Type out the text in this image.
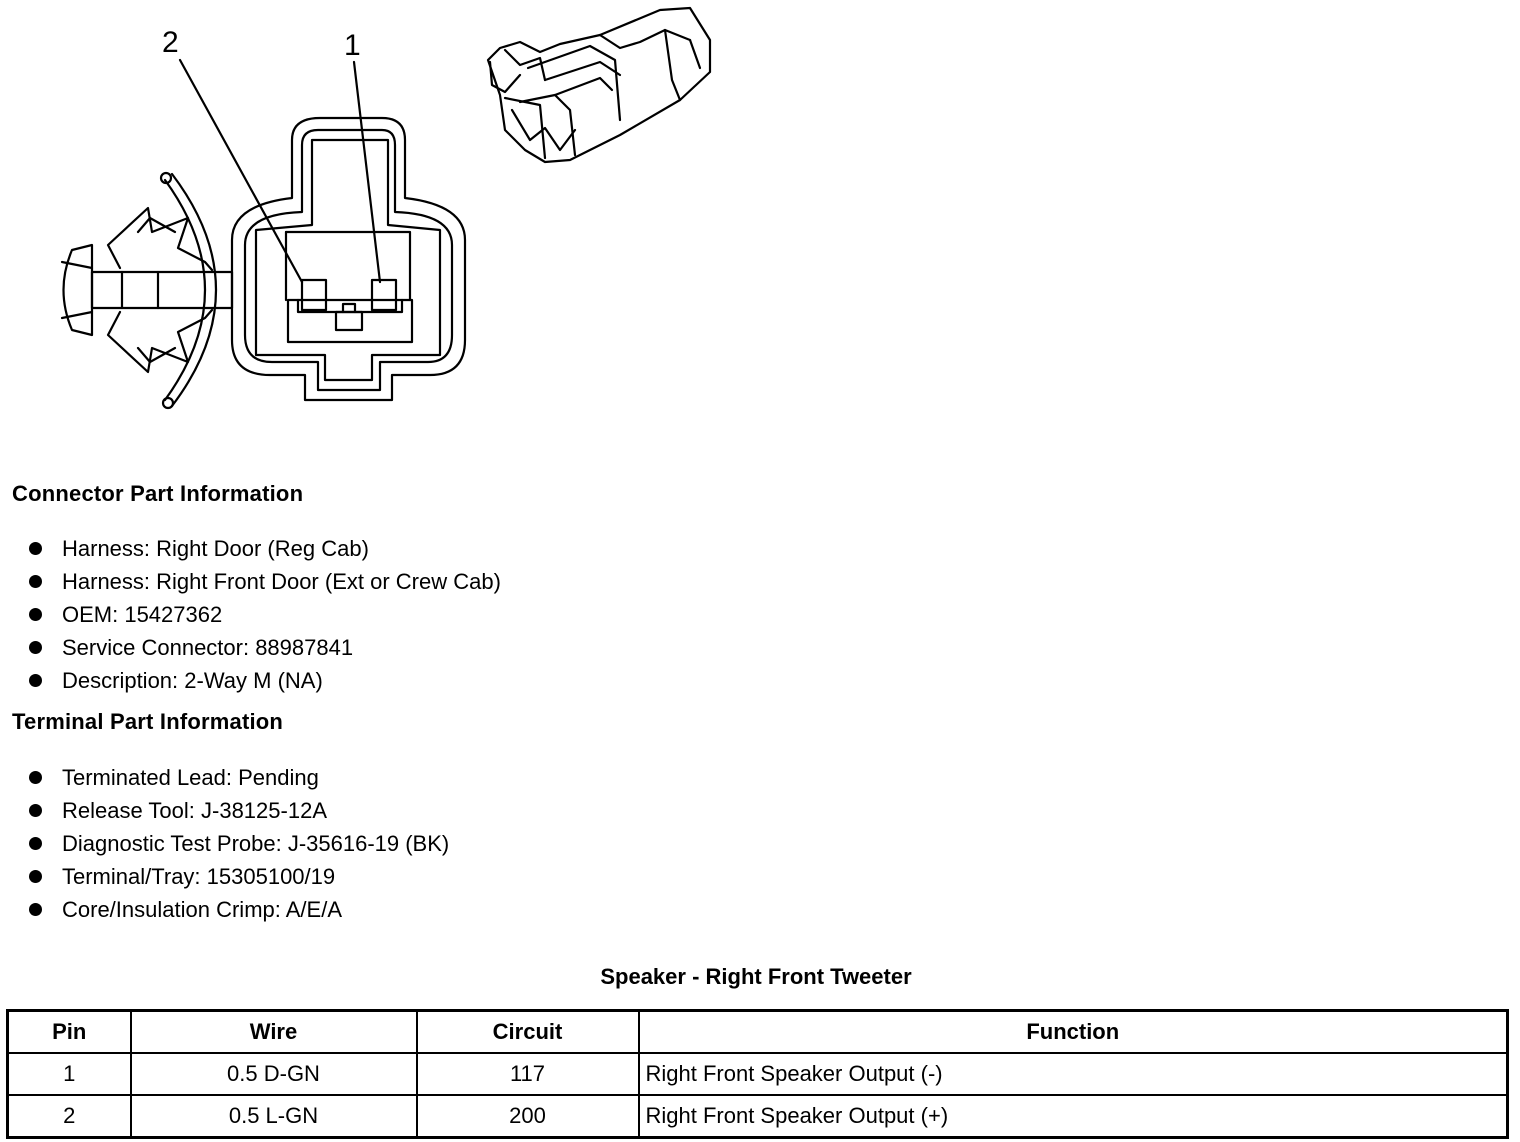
2	1
Connector Part Information
Harness: Right Door (Reg Cab)
Harness: Right Front Door (Ext or Crew Cab)
OEM: 15427362
Service Connector: 88987841
Description: 2-Way M (NA)
Terminal Part Information
Terminated Lead: Pending
Release Tool: J-38125-12A
Diagnostic Test Probe: J-35616-19 (BK)
Terminal/Tray: 15305100/19
Core/Insulation Crimp: A/E/A
Speaker - Right Front Tweeter
Pin	Wire	Circuit	Function
1	0.5 D-GN	117	Right Front Speaker Output (-)
2	0.5 L-GN	200	Right Front Speaker Output (+)
